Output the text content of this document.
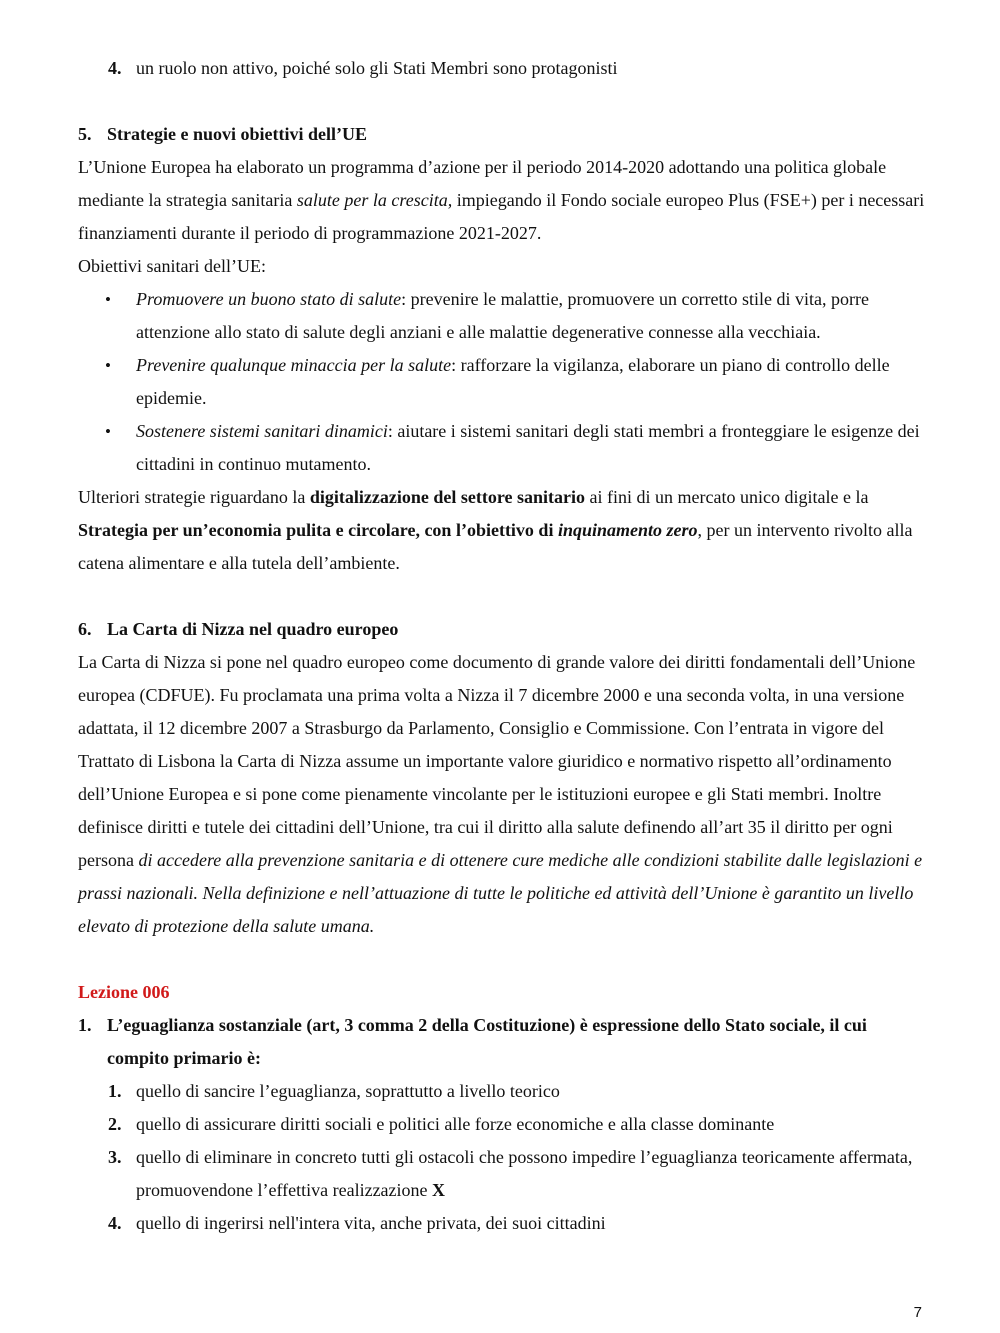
4. un ruolo non attivo, poiché solo gli Stati Membri sono protagonisti

5. Strategie e nuovi obiettivi dell’UE

L’Unione Europea ha elaborato un programma d’azione per il periodo 2014-2020 adottando una politica globale mediante la strategia sanitaria salute per la crescita, impiegando il Fondo sociale europeo Plus (FSE+) per i necessari finanziamenti durante il periodo di programmazione 2021-2027.

Obiettivi sanitari dell’UE:

• Promuovere un buono stato di salute: prevenire le malattie, promuovere un corretto stile di vita, porre attenzione allo stato di salute degli anziani e alle malattie degenerative connesse alla vecchiaia.

• Prevenire qualunque minaccia per la salute: rafforzare la vigilanza, elaborare un piano di controllo delle epidemie.

• Sostenere sistemi sanitari dinamici: aiutare i sistemi sanitari degli stati membri a fronteggiare le esigenze dei cittadini in continuo mutamento.

Ulteriori strategie riguardano la digitalizzazione del settore sanitario ai fini di un mercato unico digitale e la Strategia per un’economia pulita e circolare, con l’obiettivo di inquinamento zero, per un intervento rivolto alla catena alimentare e alla tutela dell’ambiente.

6. La Carta di Nizza nel quadro europeo

La Carta di Nizza si pone nel quadro europeo come documento di grande valore dei diritti fondamentali dell’Unione europea (CDFUE). Fu proclamata una prima volta a Nizza il 7 dicembre 2000 e una seconda volta, in una versione adattata, il 12 dicembre 2007 a Strasburgo da Parlamento, Consiglio e Commissione. Con l’entrata in vigore del Trattato di Lisbona la Carta di Nizza assume un importante valore giuridico e normativo rispetto all’ordinamento dell’Unione Europea e si pone come pienamente vincolante per le istituzioni europee e gli Stati membri. Inoltre definisce diritti e tutele dei cittadini dell’Unione, tra cui il diritto alla salute definendo all’art 35 il diritto per ogni persona di accedere alla prevenzione sanitaria e di ottenere cure mediche alle condizioni stabilite dalle legislazioni e prassi nazionali. Nella definizione e nell’attuazione di tutte le politiche ed attività dell’Unione è garantito un livello elevato di protezione della salute umana.

Lezione 006

1. L’eguaglianza sostanziale (art, 3 comma 2 della Costituzione) è espressione dello Stato sociale, il cui compito primario è:

1. quello di sancire l’eguaglianza, soprattutto a livello teorico

2. quello di assicurare diritti sociali e politici alle forze economiche e alla classe dominante

3. quello di eliminare in concreto tutti gli ostacoli che possono impedire l’eguaglianza teoricamente affermata, promuovendone l’effettiva realizzazione X

4. quello di ingerirsi nell'intera vita, anche privata, dei suoi cittadini

7
